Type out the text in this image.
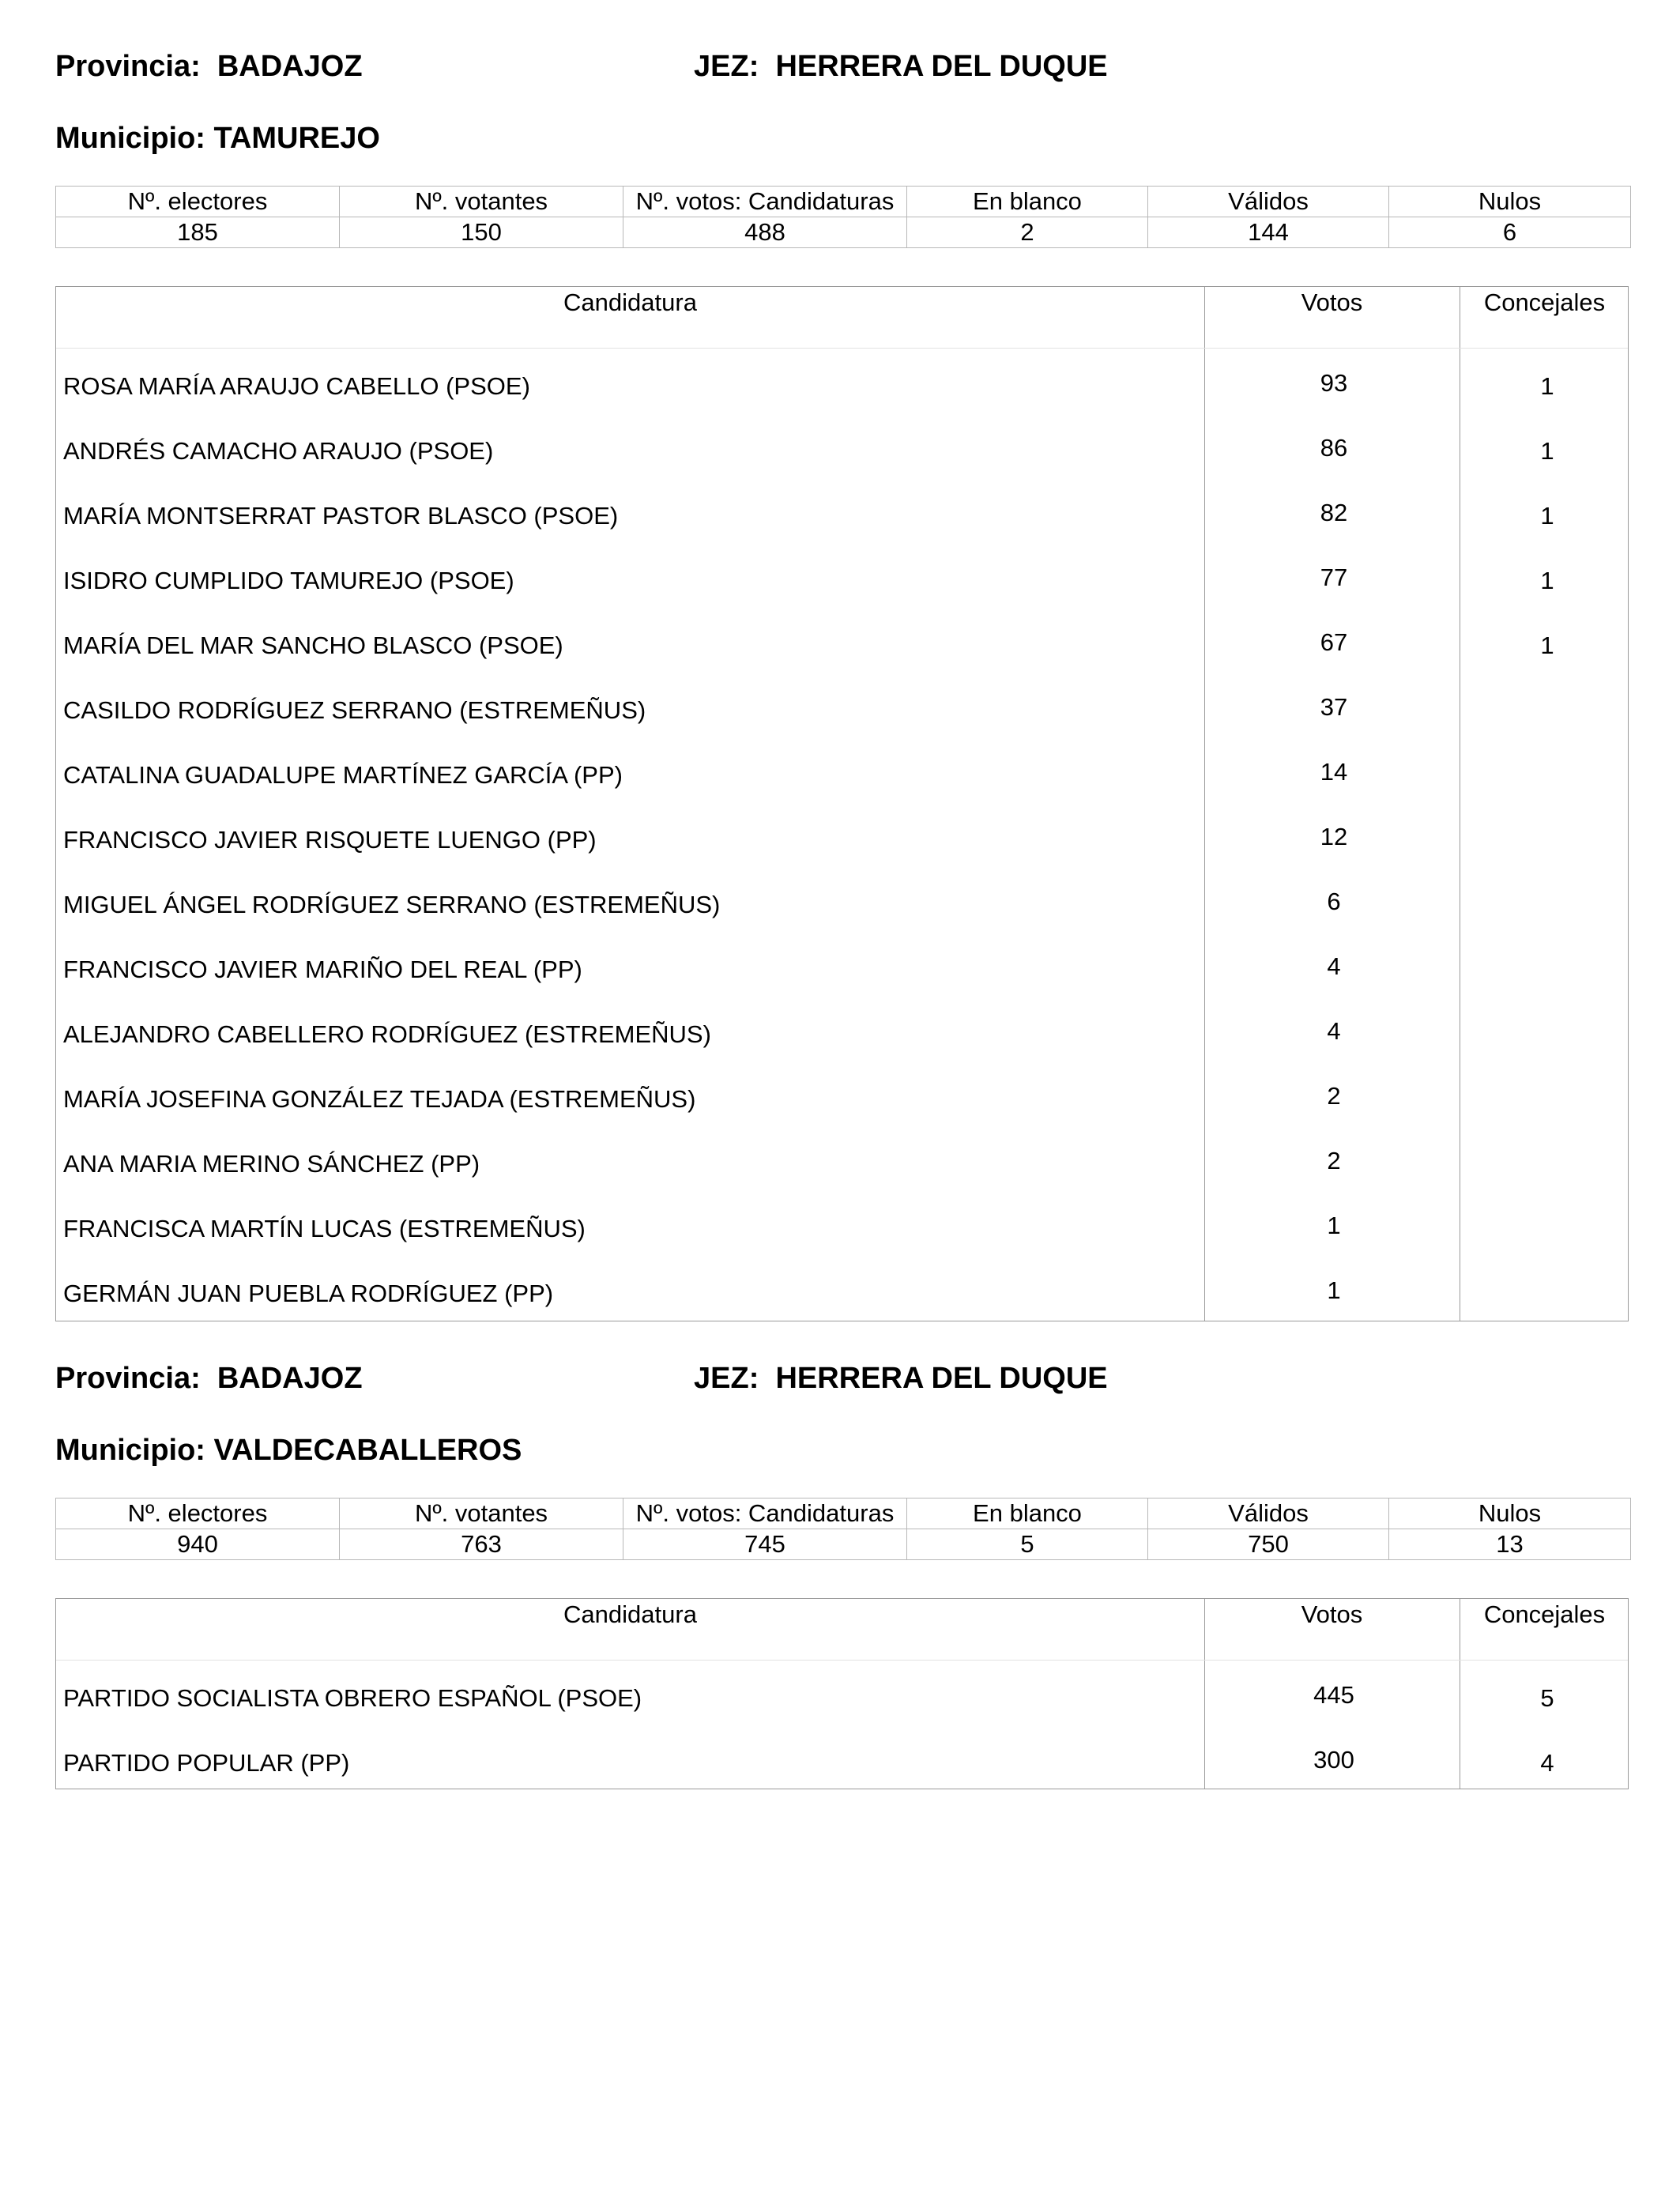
Provincia: BADAJOZ	JEZ: HERRERA DEL DUQUE
Municipio: TAMUREJO
Nº. electores	Nº. votantes	Nº. votos: Candidaturas	En blanco	Válidos	Nulos
185	150	488	2	144	6
Candidatura	Votos	Concejales
ROSA MARÍA ARAUJO CABELLO (PSOE)	93	1
ANDRÉS CAMACHO ARAUJO (PSOE)	86	1
MARÍA MONTSERRAT PASTOR BLASCO (PSOE)	82	1
ISIDRO CUMPLIDO TAMUREJO (PSOE)	77	1
MARÍA DEL MAR SANCHO BLASCO (PSOE)	67	1
CASILDO RODRÍGUEZ SERRANO (ESTREMEÑUS)	37
CATALINA GUADALUPE MARTÍNEZ GARCÍA (PP)	14
FRANCISCO JAVIER RISQUETE LUENGO (PP)	12
MIGUEL ÁNGEL RODRÍGUEZ SERRANO (ESTREMEÑUS)	6
FRANCISCO JAVIER MARIÑO DEL REAL (PP)	4
ALEJANDRO CABELLERO RODRÍGUEZ (ESTREMEÑUS)	4
MARÍA JOSEFINA GONZÁLEZ TEJADA (ESTREMEÑUS)	2
ANA MARIA MERINO SÁNCHEZ (PP)	2
FRANCISCA MARTÍN LUCAS (ESTREMEÑUS)	1
GERMÁN JUAN PUEBLA RODRÍGUEZ (PP)	1
Provincia: BADAJOZ	JEZ: HERRERA DEL DUQUE
Municipio: VALDECABALLEROS
Nº. electores	Nº. votantes	Nº. votos: Candidaturas	En blanco	Válidos	Nulos
940	763	745	5	750	13
Candidatura	Votos	Concejales
PARTIDO SOCIALISTA OBRERO ESPAÑOL (PSOE)	445	5
PARTIDO POPULAR (PP)	300	4
